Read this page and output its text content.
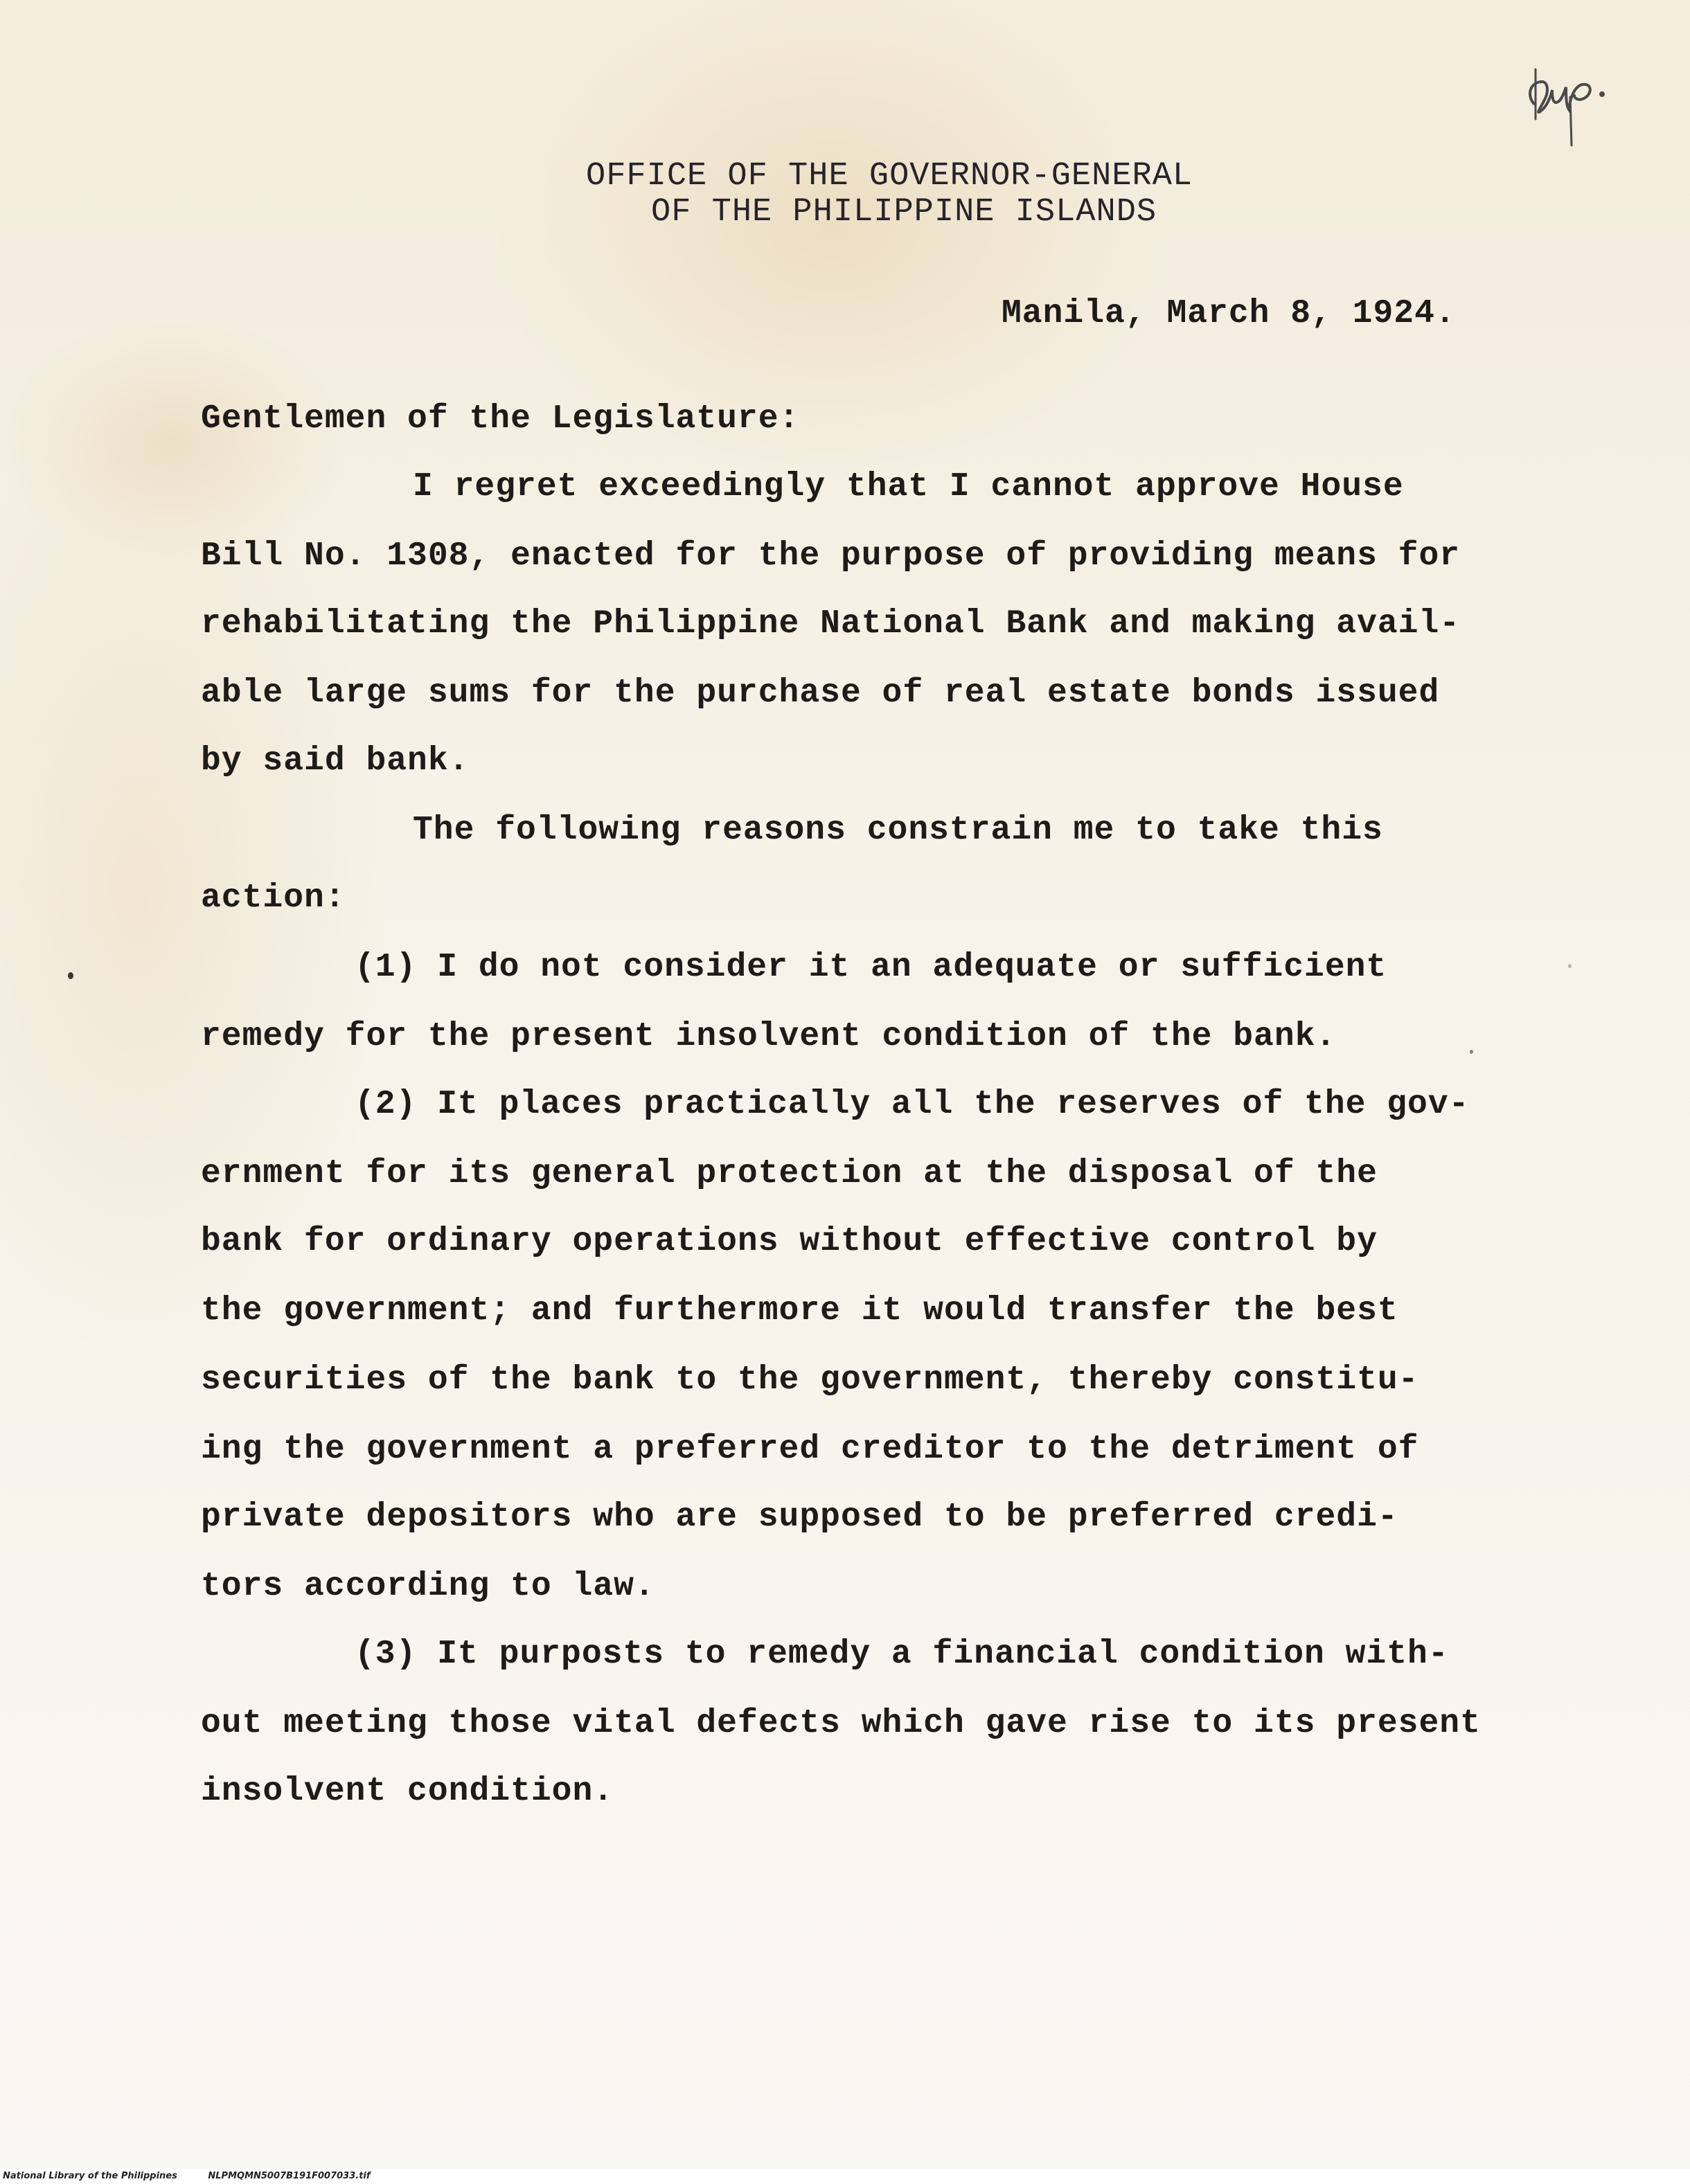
OFFICE OF THE GOVERNOR-GENERAL
OF THE PHILIPPINE ISLANDS
Manila, March 8, 1924.
Gentlemen of the Legislature:
I regret exceedingly that I cannot approve House
Bill No. 1308, enacted for the purpose of providing means for
rehabilitating the Philippine National Bank and making avail-
able large sums for the purchase of real estate bonds issued
by said bank.
The following reasons constrain me to take this
action:
(1) I do not consider it an adequate or sufficient
remedy for the present insolvent condition of the bank.
(2) It places practically all the reserves of the gov-
ernment for its general protection at the disposal of the
bank for ordinary operations without effective control by
the government; and furthermore it would transfer the best
securities of the bank to the government, thereby constitu-
ing the government a preferred creditor to the detriment of
private depositors who are supposed to be preferred credi-
tors according to law.
(3) It purposts to remedy a financial condition with-
out meeting those vital defects which gave rise to its present
insolvent condition.
National Library of the Philippines	NLPMQMN5007B191F007033.tif
